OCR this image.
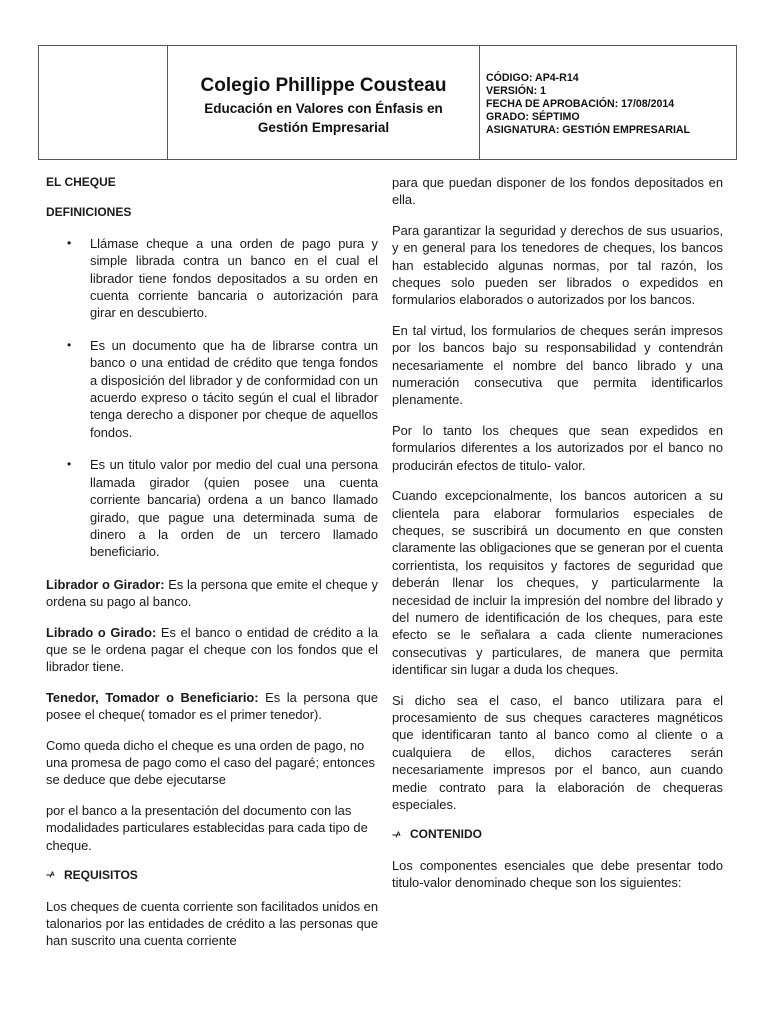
Colegio Phillippe Cousteau
Educación en Valores con Énfasis en Gestión Empresarial
CÓDIGO: AP4-R14
VERSIÓN: 1
FECHA DE APROBACIÓN: 17/08/2014
GRADO: SÉPTIMO
ASIGNATURA: GESTIÓN EMPRESARIAL
EL CHEQUE
DEFINICIONES
• Llámase cheque a una orden de pago pura y simple librada contra un banco en el cual el librador tiene fondos depositados a su orden en cuenta corriente bancaria o autorización para girar en descubierto.
• Es un documento que ha de librarse contra un banco o una entidad de crédito que tenga fondos a disposición del librador y de conformidad con un acuerdo expreso o tácito según el cual el librador tenga derecho a disponer por cheque de aquellos fondos.
• Es un titulo valor por medio del cual una persona llamada girador (quien posee una cuenta corriente bancaria) ordena a un banco llamado girado, que pague una determinada suma de dinero a la orden de un tercero llamado beneficiario.

Librador o Girador: Es la persona que emite el cheque y ordena su pago al banco.

Librado o Girado: Es el banco o entidad de crédito a la que se le ordena pagar el cheque con los fondos que el librador tiene.

Tenedor, Tomador o Beneficiario: Es la persona que posee el cheque( tomador es el primer tenedor).

Como queda dicho el cheque es una orden de pago, no una promesa de pago como el caso del pagaré; entonces se deduce que debe ejecutarse

por el banco a la presentación del documento con las modalidades particulares establecidas para cada tipo de cheque.

¬ᴬ REQUISITOS

Los cheques de cuenta corriente son facilitados unidos en talonarios por las entidades de crédito a las personas que han suscrito una cuenta corriente

para que puedan disponer de los fondos depositados en ella.

Para garantizar la seguridad y derechos de sus usuarios, y en general para los tenedores de cheques, los bancos han establecido algunas normas, por tal razón, los cheques solo pueden ser librados o expedidos en formularios elaborados o autorizados por los bancos.

En tal virtud, los formularios de cheques serán impresos por los bancos bajo su responsabilidad y contendrán necesariamente el nombre del banco librado y una numeración consecutiva que permita identificarlos plenamente.

Por lo tanto los cheques que sean expedidos en formularios diferentes a los autorizados por el banco no producirán efectos de titulo- valor.

Cuando excepcionalmente, los bancos autoricen a su clientela para elaborar formularios especiales de cheques, se suscribirá un documento en que consten claramente las obligaciones que se generan por el cuenta corrientista, los requisitos y factores de seguridad que deberán llenar los cheques, y particularmente la necesidad de incluir la impresión del nombre del librado y del numero de identificación de los cheques, para este efecto se le señalara a cada cliente numeraciones consecutivas y particulares, de manera que permita identificar sin lugar a duda los cheques.

Si dicho sea el caso, el banco utilizara para el procesamiento de sus cheques caracteres magnéticos que identificaran tanto al banco como al cliente o a cualquiera de ellos, dichos caracteres serán necesariamente impresos por el banco, aun cuando medie contrato para la elaboración de chequeras especiales.

¬ᴬ CONTENIDO

Los componentes esenciales que debe presentar todo titulo-valor denominado cheque son los siguientes:
